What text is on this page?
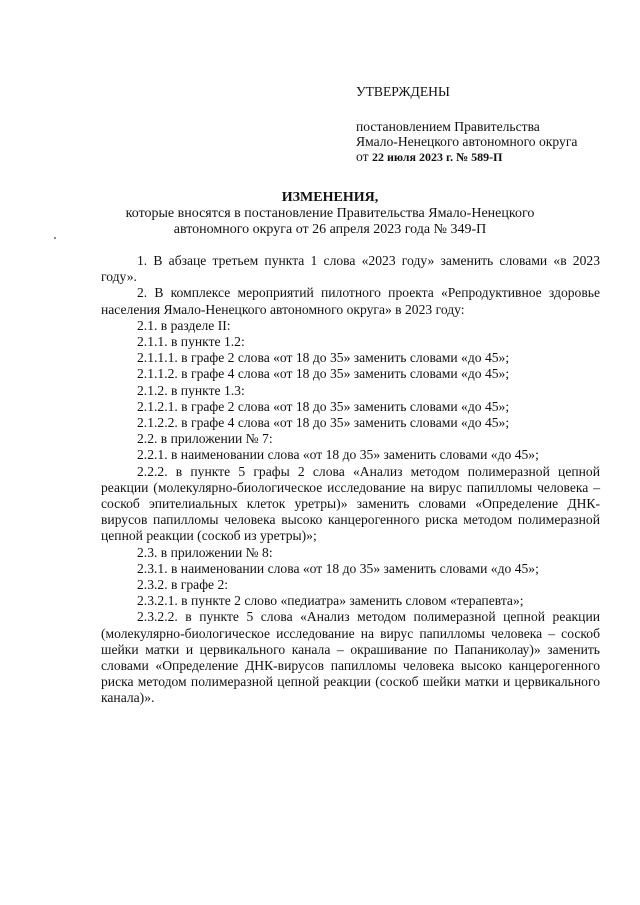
УТВЕРЖДЕНЫ
постановлением Правительства
Ямало-Ненецкого автономного округа
от 22 июля 2023 г. № 589-П
ИЗМЕНЕНИЯ,
которые вносятся в постановление Правительства Ямало-Ненецкого автономного округа от 26 апреля 2023 года № 349-П

1. В абзаце третьем пункта 1 слова «2023 году» заменить словами «в 2023 году».

2. В комплексе мероприятий пилотного проекта «Репродуктивное здоровье населения Ямало-Ненецкого автономного округа» в 2023 году:

2.1. в разделе II:

2.1.1. в пункте 1.2:

2.1.1.1. в графе 2 слова «от 18 до 35» заменить словами «до 45»;

2.1.1.2. в графе 4 слова «от 18 до 35» заменить словами «до 45»;

2.1.2. в пункте 1.3:

2.1.2.1. в графе 2 слова «от 18 до 35» заменить словами «до 45»;

2.1.2.2. в графе 4 слова «от 18 до 35» заменить словами «до 45»;

2.2. в приложении № 7:

2.2.1. в наименовании слова «от 18 до 35» заменить словами «до 45»;

2.2.2. в пункте 5 графы 2 слова «Анализ методом полимеразной цепной реакции (молекулярно-биологическое исследование на вирус папилломы человека – соскоб эпителиальных клеток уретры)» заменить словами «Определение ДНК-вирусов папилломы человека высоко канцерогенного риска методом полимеразной цепной реакции (соскоб из уретры)»;

2.3. в приложении № 8:

2.3.1. в наименовании слова «от 18 до 35» заменить словами «до 45»;

2.3.2. в графе 2:

2.3.2.1. в пункте 2 слово «педиатра» заменить словом «терапевта»;

2.3.2.2. в пункте 5 слова «Анализ методом полимеразной цепной реакции (молекулярно-биологическое исследование на вирус папилломы человека – соскоб шейки матки и цервикального канала – окрашивание по Папаниколау)» заменить словами «Определение ДНК-вирусов папилломы человека высоко канцерогенного риска методом полимеразной цепной реакции (соскоб шейки матки и цервикального канала)».
